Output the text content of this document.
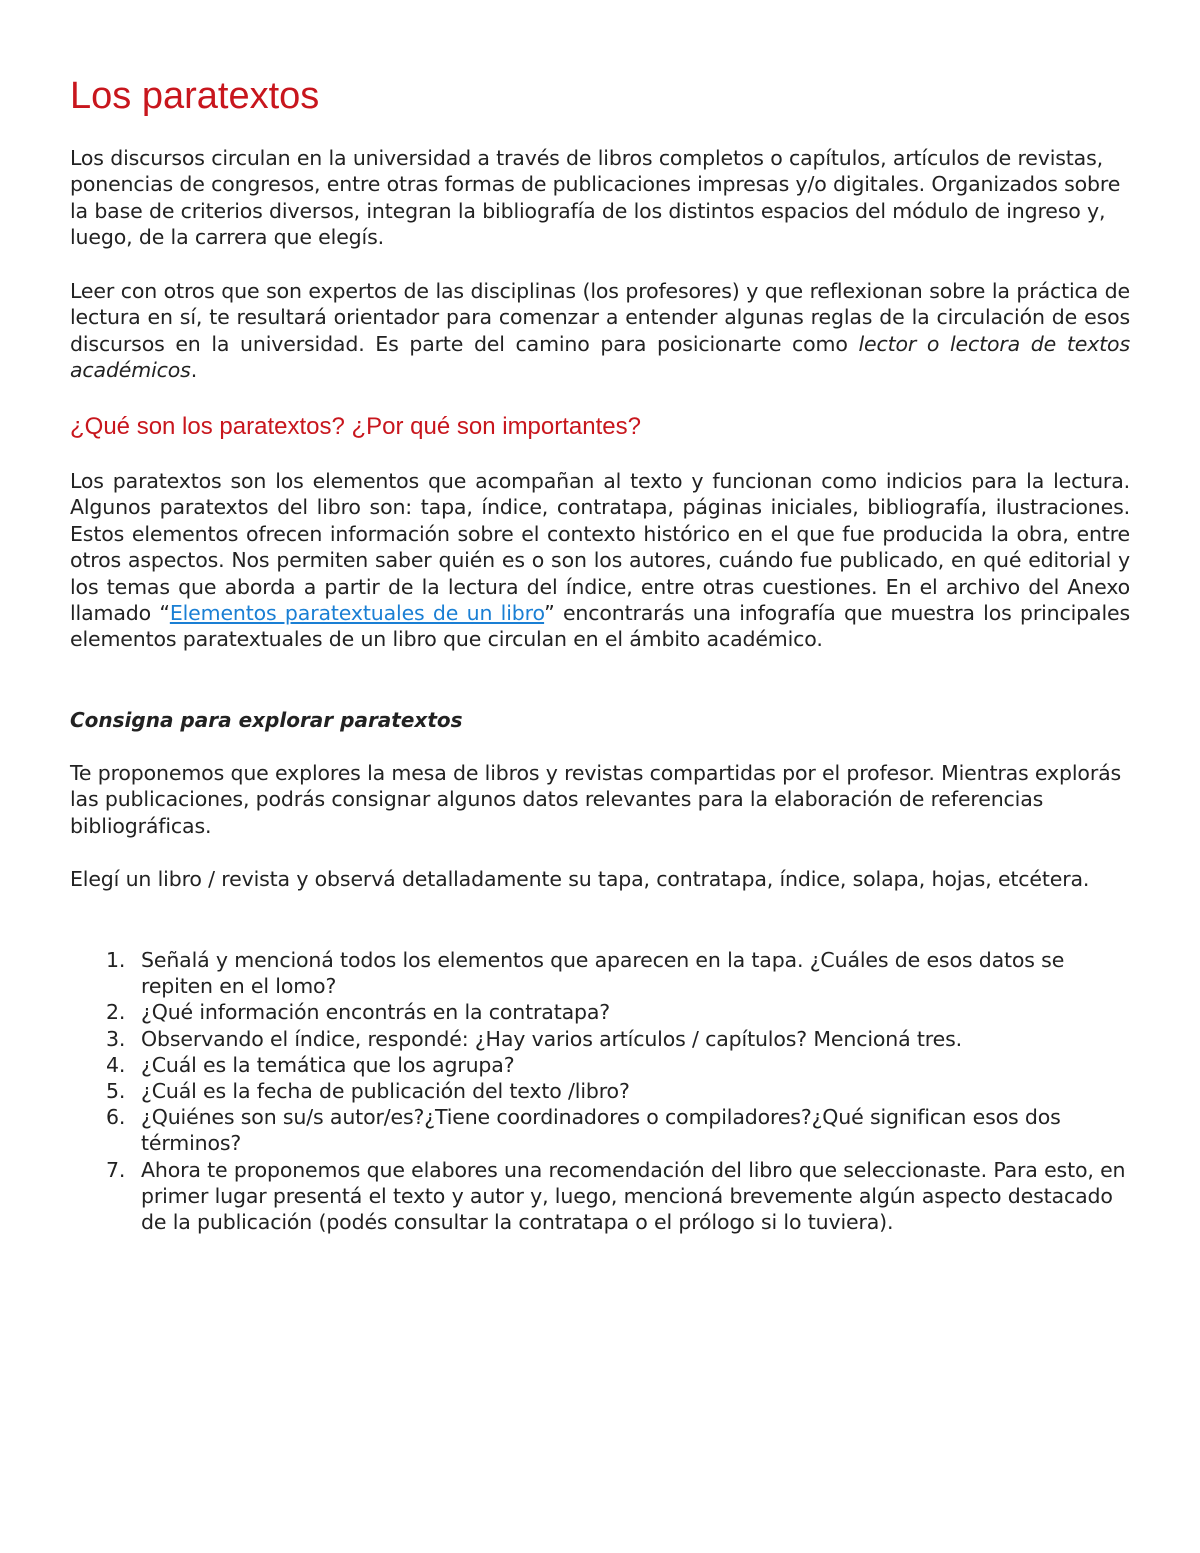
Los paratextos

Los discursos circulan en la universidad a través de libros completos o capítulos, artículos de revistas, ponencias de congresos, entre otras formas de publicaciones impresas y/o digitales. Organizados sobre la base de criterios diversos, integran la bibliografía de los distintos espacios del módulo de ingreso y, luego, de la carrera que elegís.

Leer con otros que son expertos de las disciplinas (los profesores) y que reflexionan sobre la práctica de lectura en sí, te resultará orientador para comenzar a entender algunas reglas de la circulación de esos discursos en la universidad. Es parte del camino para posicionarte como lector o lectora de textos académicos.

¿Qué son los paratextos? ¿Por qué son importantes?

Los paratextos son los elementos que acompañan al texto y funcionan como indicios para la lectura. Algunos paratextos del libro son: tapa, índice, contratapa, páginas iniciales, bibliografía, ilustraciones. Estos elementos ofrecen información sobre el contexto histórico en el que fue producida la obra, entre otros aspectos. Nos permiten saber quién es o son los autores, cuándo fue publicado, en qué editorial y los temas que aborda a partir de la lectura del índice, entre otras cuestiones. En el archivo del Anexo llamado “Elementos paratextuales de un libro” encontrarás una infografía que muestra los principales elementos paratextuales de un libro que circulan en el ámbito académico.

Consigna para explorar paratextos

Te proponemos que explores la mesa de libros y revistas compartidas por el profesor. Mientras explorás las publicaciones, podrás consignar algunos datos relevantes para la elaboración de referencias bibliográficas.

Elegí un libro / revista y observá detalladamente su tapa, contratapa, índice, solapa, hojas, etcétera.

1. Señalá y mencioná todos los elementos que aparecen en la tapa. ¿Cuáles de esos datos se repiten en el lomo?
2. ¿Qué información encontrás en la contratapa?
3. Observando el índice, respondé: ¿Hay varios artículos / capítulos? Mencioná tres.
4. ¿Cuál es la temática que los agrupa?
5. ¿Cuál es la fecha de publicación del texto /libro?
6. ¿Quiénes son su/s autor/es?¿Tiene coordinadores o compiladores?¿Qué significan esos dos términos?
7. Ahora te proponemos que elabores una recomendación del libro que seleccionaste. Para esto, en primer lugar presentá el texto y autor y, luego, mencioná brevemente algún aspecto destacado de la publicación (podés consultar la contratapa o el prólogo si lo tuviera).
